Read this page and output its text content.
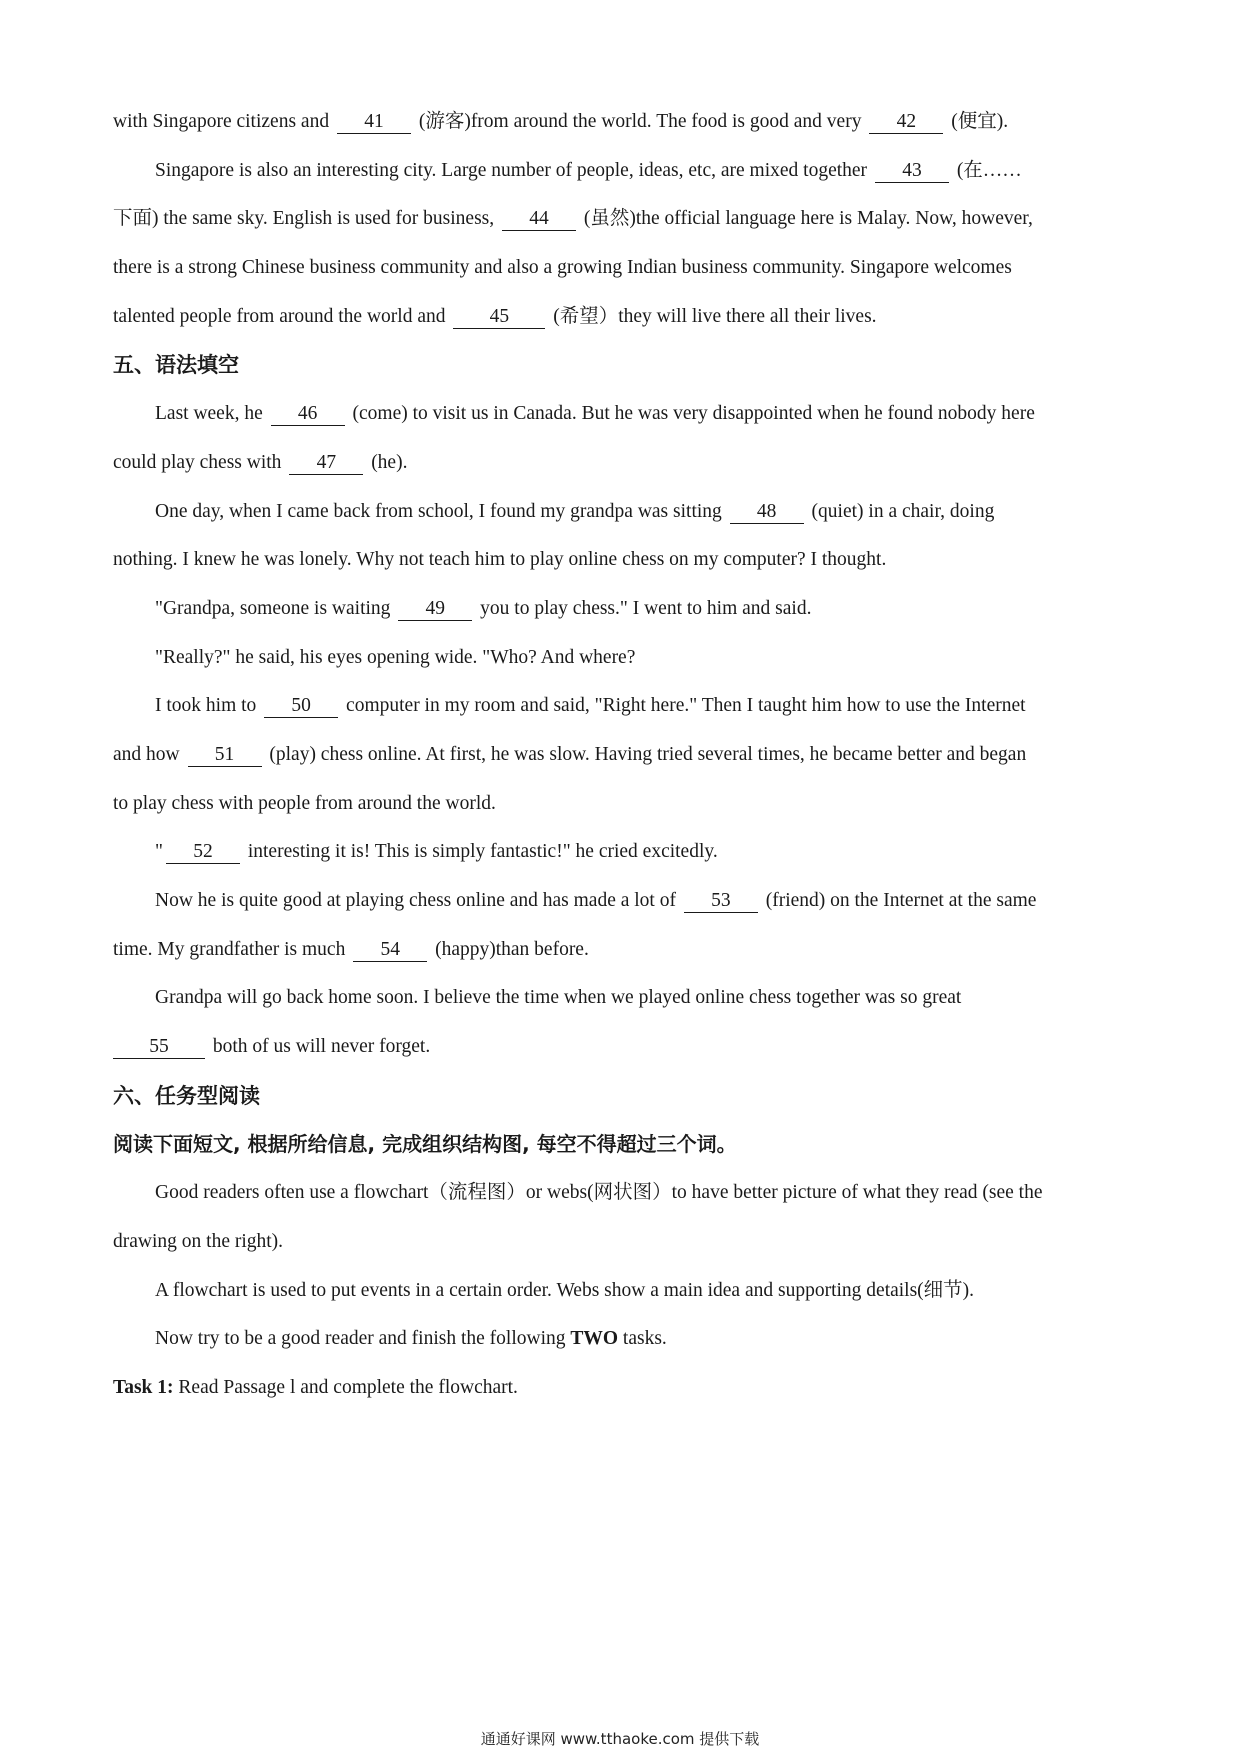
with Singapore citizens and 41 (游客)from around the world. The food is good and very 42 (便宜).
Singapore is also an interesting city. Large number of people, ideas, etc, are mixed together 43 (在……
下面) the same sky. English is used for business, 44 (虽然)the official language here is Malay. Now, however,
there is a strong Chinese business community and also a growing Indian business community. Singapore welcomes
talented people from around the world and 45 (希望）they will live there all their lives.
五、语法填空
Last week, he 46 (come) to visit us in Canada. But he was very disappointed when he found nobody here
could play chess with 47 (he).
One day, when I came back from school, I found my grandpa was sitting 48 (quiet) in a chair, doing
nothing. I knew he was lonely. Why not teach him to play online chess on my computer? I thought.
"Grandpa, someone is waiting 49 you to play chess." I went to him and said.
"Really?" he said, his eyes opening wide. "Who? And where?
I took him to 50 computer in my room and said, "Right here." Then I taught him how to use the Internet
and how 51 (play) chess online. At first, he was slow. Having tried several times, he became better and began
to play chess with people from around the world.
" 52 interesting it is! This is simply fantastic!" he cried excitedly.
Now he is quite good at playing chess online and has made a lot of 53 (friend) on the Internet at the same
time. My grandfather is much 54 (happy)than before.
Grandpa will go back home soon. I believe the time when we played online chess together was so great
55 both of us will never forget.
六、任务型阅读
阅读下面短文, 根据所给信息, 完成组织结构图, 每空不得超过三个词。
Good readers often use a flowchart（流程图）or webs(网状图）to have better picture of what they read (see the
drawing on the right).
A flowchart is used to put events in a certain order. Webs show a main idea and supporting details(细节).
Now try to be a good reader and finish the following TWO tasks.
Task 1: Read Passage l and complete the flowchart.
通通好课网 www.tthaoke.com 提供下载
